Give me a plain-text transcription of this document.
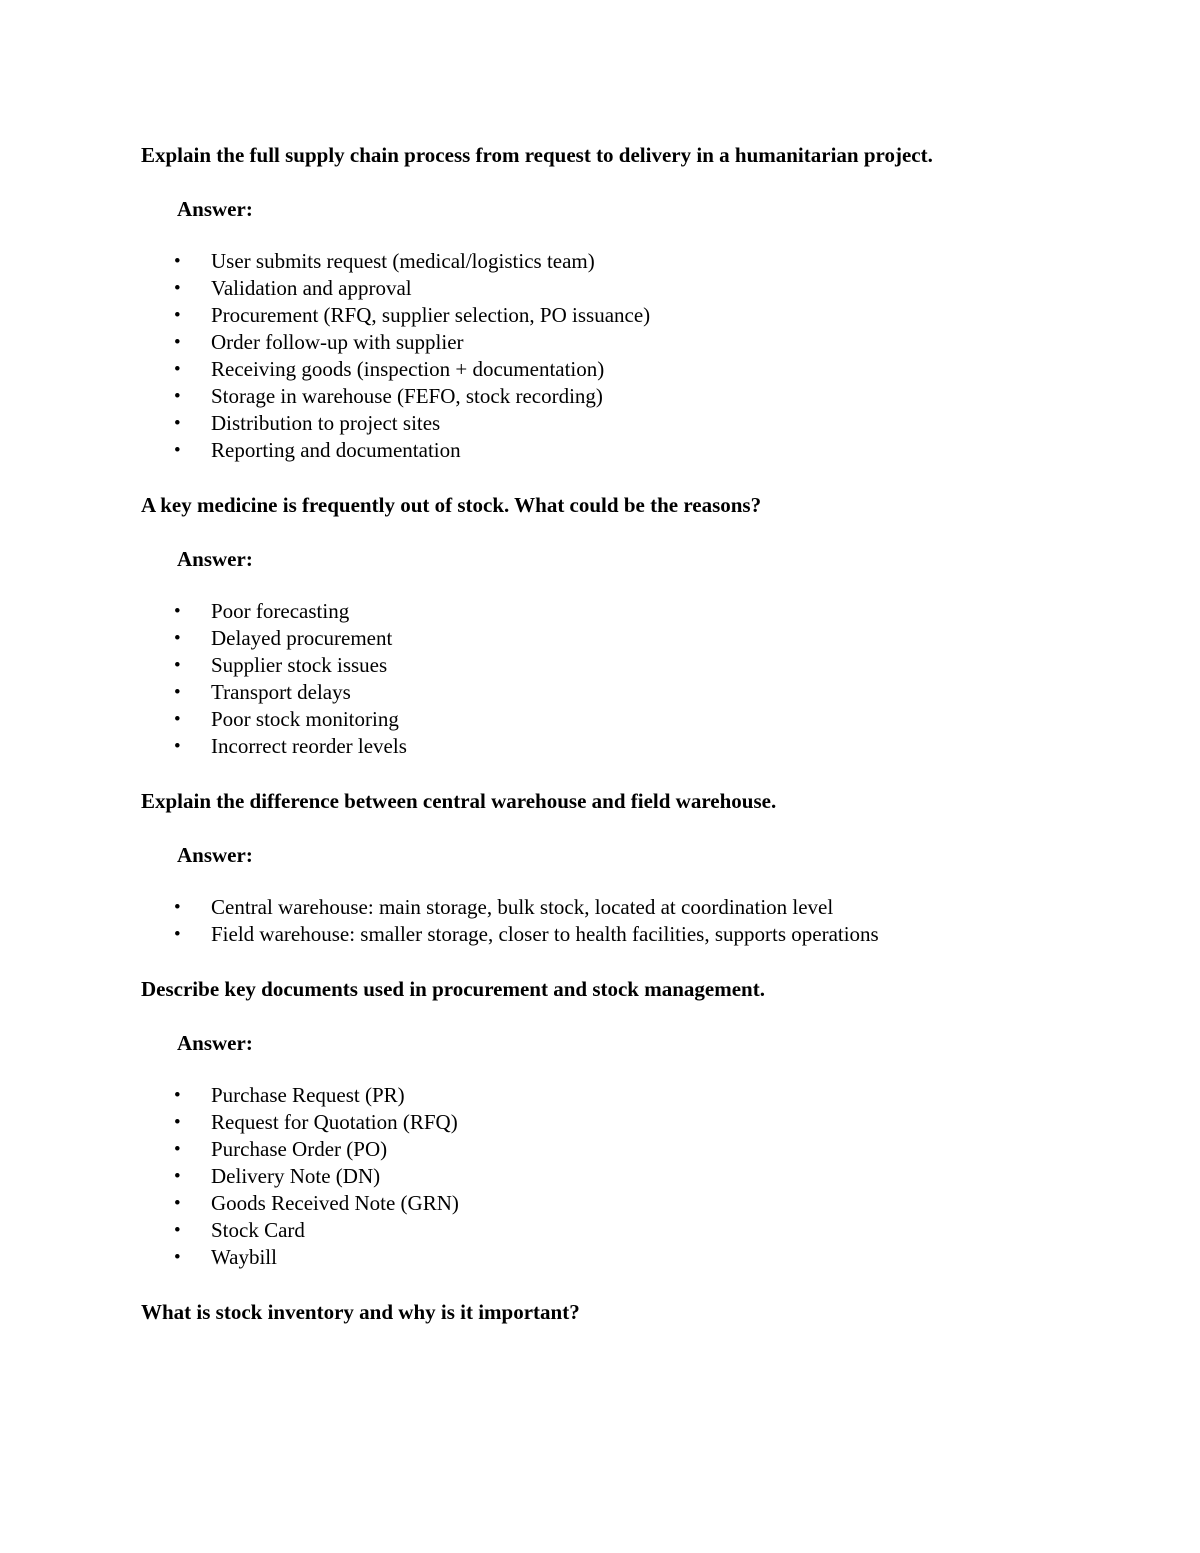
Explain the full supply chain process from request to delivery in a humanitarian project.

Answer:
• User submits request (medical/logistics team)
• Validation and approval
• Procurement (RFQ, supplier selection, PO issuance)
• Order follow-up with supplier
• Receiving goods (inspection + documentation)
• Storage in warehouse (FEFO, stock recording)
• Distribution to project sites
• Reporting and documentation

A key medicine is frequently out of stock. What could be the reasons?

Answer:
• Poor forecasting
• Delayed procurement
• Supplier stock issues
• Transport delays
• Poor stock monitoring
• Incorrect reorder levels

Explain the difference between central warehouse and field warehouse.

Answer:
• Central warehouse: main storage, bulk stock, located at coordination level
• Field warehouse: smaller storage, closer to health facilities, supports operations

Describe key documents used in procurement and stock management.

Answer:
• Purchase Request (PR)
• Request for Quotation (RFQ)
• Purchase Order (PO)
• Delivery Note (DN)
• Goods Received Note (GRN)
• Stock Card
• Waybill

What is stock inventory and why is it important?
